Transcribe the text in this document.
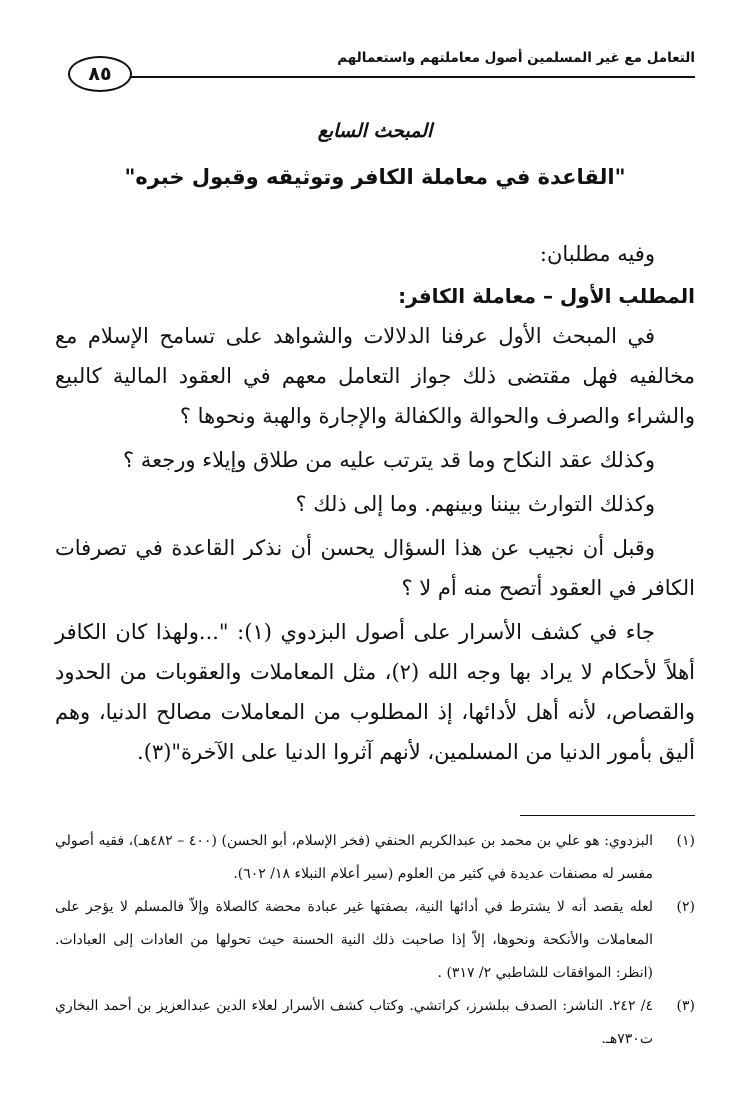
التعامل مع غير المسلمين أصول معاملتهم واستعمالهم
٨٥
المبحث السابع
"القاعدة في معاملة الكافر وتوثيقه وقبول خبره"

وفيه مطلبان:

المطلب الأول – معاملة الكافر:

في المبحث الأول عرفنا الدلالات والشواهد على تسامح الإسلام مع مخالفيه فهل مقتضى ذلك جواز التعامل معهم في العقود المالية كالبيع والشراء والصرف والحوالة والكفالة والإجارة والهبة ونحوها ؟

وكذلك عقد النكاح وما قد يترتب عليه من طلاق وإيلاء ورجعة ؟

وكذلك التوارث بيننا وبينهم. وما إلى ذلك ؟

وقبل أن نجيب عن هذا السؤال يحسن أن نذكر القاعدة في تصرفات الكافر في العقود أتصح منه أم لا ؟

جاء في كشف الأسرار على أصول البزدوي (١): "...ولهذا كان الكافر أهلاً لأحكام لا يراد بها وجه الله (٢)، مثل المعاملات والعقوبات من الحدود والقصاص، لأنه أهل لأدائها، إذ المطلوب من المعاملات مصالح الدنيا، وهم أليق بأمور الدنيا من المسلمين، لأنهم آثروا الدنيا على الآخرة"(٣).

(١)
البزدوي: هو علي بن محمد بن عبدالكريم الحنفي (فخر الإسلام، أبو الحسن) (٤٠٠ – ٤٨٢هـ)، فقيه أصولي مفسر له مصنفات عديدة في كثير من العلوم (سير أعلام النبلاء ١٨/ ٦٠٢).

(٢)
لعله يقصد أنه لا يشترط في أدائها النية، بصفتها غير عبادة محضة كالصلاة وإلاّ فالمسلم لا يؤجر على المعاملات والأنكحة ونحوها، إلاّ إذا صاحبت ذلك النية الحسنة حيث تحولها من العادات إلى العبادات. (انظر: الموافقات للشاطبي ٢/ ٣١٧) .

(٣)
٤/ ٢٤٢. الناشر: الصدف ببلشرز، كراتشي. وكتاب كشف الأسرار لعلاء الدين عبدالعزيز بن أحمد البخاري ت٧٣٠هـ.
